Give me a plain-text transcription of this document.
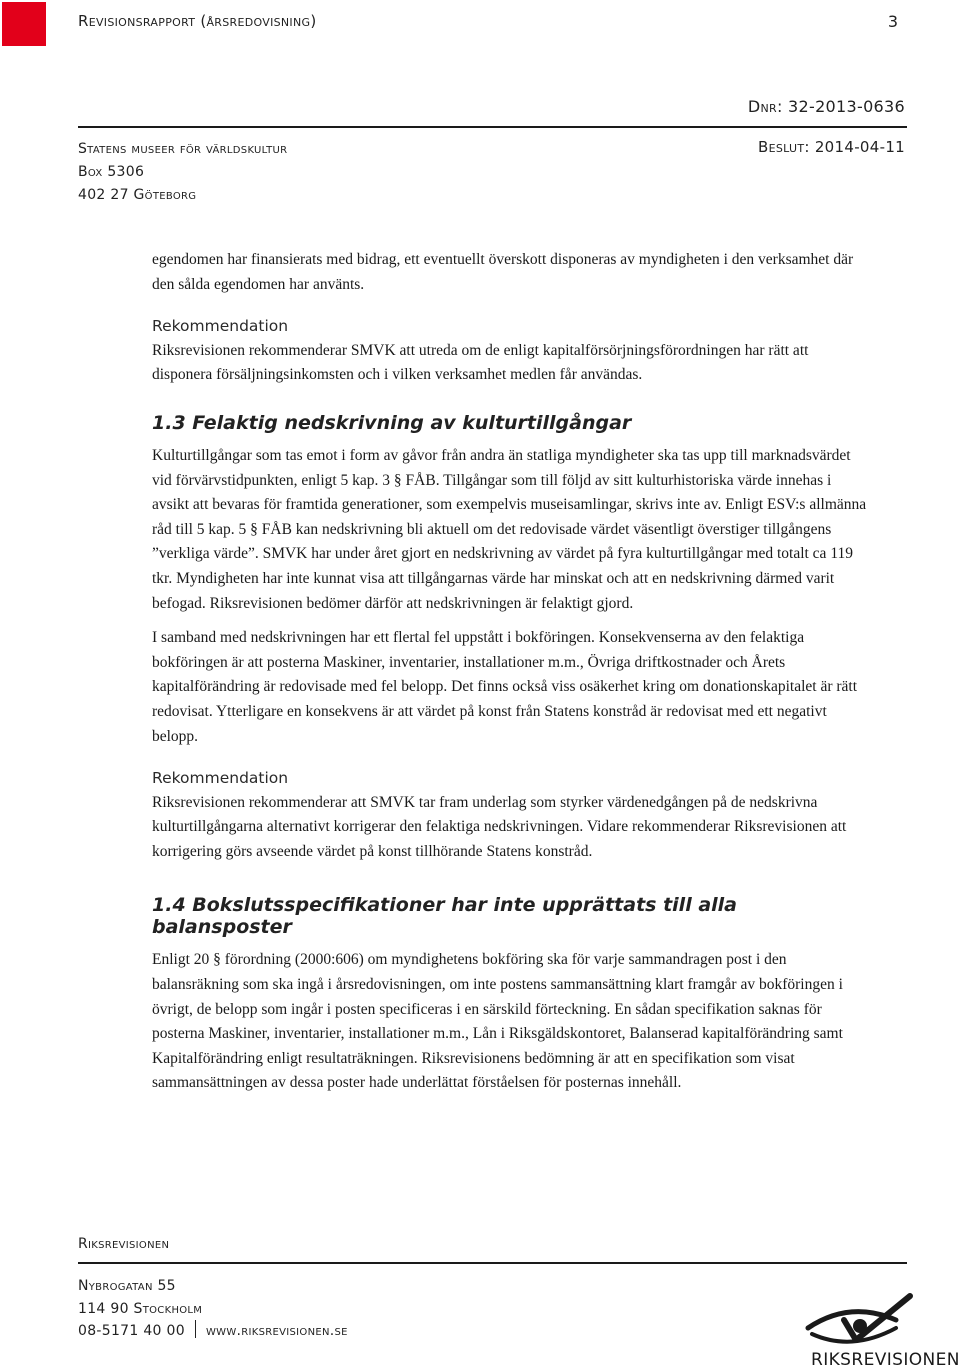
Revisionsrapport (årsredovisning)	3
Dnr: 32-2013-0636
Statens museer för världskultur
Box 5306
402 27 Göteborg
Beslut: 2014-04-11

egendomen har finansierats med bidrag, ett eventuellt överskott disponeras av myndigheten i den verksamhet där den sålda egendomen har använts.

Rekommendation

Riksrevisionen rekommenderar SMVK att utreda om de enligt kapitalförsörjningsförordningen har rätt att disponera försäljningsinkomsten och i vilken verksamhet medlen får användas.

1.3 Felaktig nedskrivning av kulturtillgångar

Kulturtillgångar som tas emot i form av gåvor från andra än statliga myndigheter ska tas upp till marknadsvärdet vid förvärvstidpunkten, enligt 5 kap. 3 § FÅB. Tillgångar som till följd av sitt kulturhistoriska värde innehas i avsikt att bevaras för framtida generationer, som exempelvis museisamlingar, skrivs inte av. Enligt ESV:s allmänna råd till 5 kap. 5 § FÅB kan nedskrivning bli aktuell om det redovisade värdet väsentligt överstiger tillgångens ”verkliga värde”. SMVK har under året gjort en nedskrivning av värdet på fyra kulturtillgångar med totalt ca 119 tkr. Myndigheten har inte kunnat visa att tillgångarnas värde har minskat och att en nedskrivning därmed varit befogad. Riksrevisionen bedömer därför att nedskrivningen är felaktigt gjord.

I samband med nedskrivningen har ett flertal fel uppstått i bokföringen. Konsekvenserna av den felaktiga bokföringen är att posterna Maskiner, inventarier, installationer m.m., Övriga driftkostnader och Årets kapitalförändring är redovisade med fel belopp. Det finns också viss osäkerhet kring om donationskapitalet är rätt redovisat. Ytterligare en konsekvens är att värdet på konst från Statens konstråd är redovisat med ett negativt belopp.

Rekommendation

Riksrevisionen rekommenderar att SMVK tar fram underlag som styrker värdenedgången på de nedskrivna kulturtillgångarna alternativt korrigerar den felaktiga nedskrivningen. Vidare rekommenderar Riksrevisionen att korrigering görs avseende värdet på konst tillhörande Statens konstråd.

1.4 Bokslutsspecifikationer har inte upprättats till alla balansposter

Enligt 20 § förordning (2000:606) om myndighetens bokföring ska för varje sammandragen post i den balansräkning som ska ingå i årsredovisningen, om inte postens sammansättning klart framgår av bokföringen i övrigt, de belopp som ingår i posten specificeras i en särskild förteckning. En sådan specifikation saknas för posterna Maskiner, inventarier, installationer m.m., Lån i Riksgäldskontoret, Balanserad kapitalförändring samt Kapitalförändring enligt resultaträkningen. Riksrevisionens bedömning är att en specifikation som visat sammansättningen av dessa poster hade underlättat förståelsen för posternas innehåll.

Riksrevisionen
Nybrogatan 55
114 90 Stockholm
08-5171 40 00 www.riksrevisionen.se
RIKSREVISIONEN
